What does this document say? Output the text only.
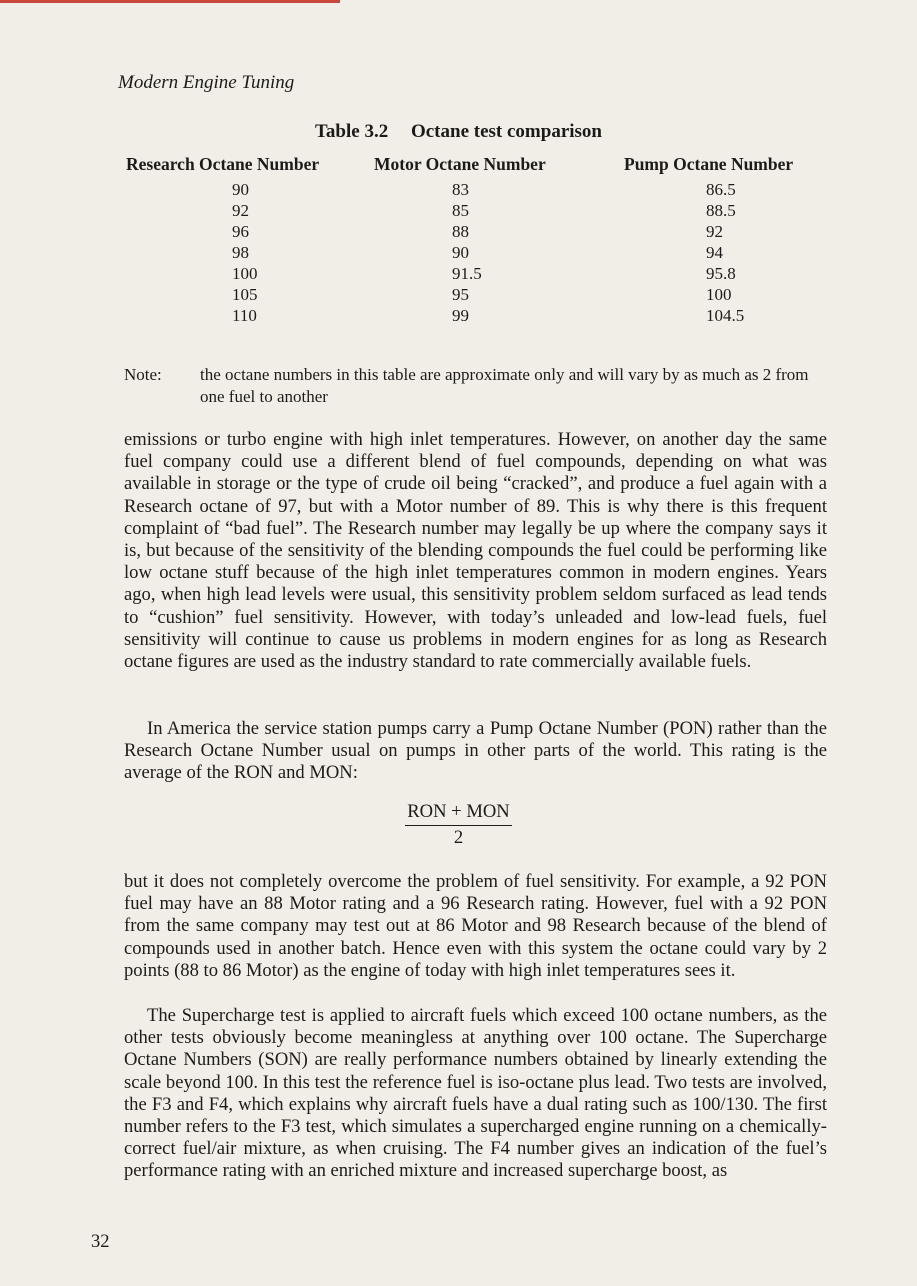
Modern Engine Tuning
Table 3.2 Octane test comparison
Research Octane Number	Motor Octane Number	Pump Octane Number
90	83	86.5
92	85	88.5
96	88	92
98	90	94
100	91.5	95.8
105	95	100
110	99	104.5
Note: the octane numbers in this table are approximate only and will vary by as much as 2 from one fuel to another

emissions or turbo engine with high inlet temperatures. However, on another day the same fuel company could use a different blend of fuel compounds, depending on what was available in storage or the type of crude oil being “cracked”, and produce a fuel again with a Research octane of 97, but with a Motor number of 89. This is why there is this frequent complaint of “bad fuel”. The Research number may legally be up where the company says it is, but because of the sensitivity of the blending compounds the fuel could be performing like low octane stuff because of the high inlet temperatures common in modern engines. Years ago, when high lead levels were usual, this sensitivity problem seldom surfaced as lead tends to “cushion” fuel sensitivity. However, with today’s unleaded and low-lead fuels, fuel sensitivity will continue to cause us problems in modern engines for as long as Research octane figures are used as the industry standard to rate commercially available fuels.

In America the service station pumps carry a Pump Octane Number (PON) rather than the Research Octane Number usual on pumps in other parts of the world. This rating is the average of the RON and MON:

RON + MON
2

but it does not completely overcome the problem of fuel sensitivity. For example, a 92 PON fuel may have an 88 Motor rating and a 96 Research rating. However, fuel with a 92 PON from the same company may test out at 86 Motor and 98 Research because of the blend of compounds used in another batch. Hence even with this system the octane could vary by 2 points (88 to 86 Motor) as the engine of today with high inlet temperatures sees it.

The Supercharge test is applied to aircraft fuels which exceed 100 octane numbers, as the other tests obviously become meaningless at anything over 100 octane. The Supercharge Octane Numbers (SON) are really performance numbers obtained by linearly extending the scale beyond 100. In this test the reference fuel is iso-octane plus lead. Two tests are involved, the F3 and F4, which explains why aircraft fuels have a dual rating such as 100/130. The first number refers to the F3 test, which simulates a supercharged engine running on a chemically-correct fuel/air mixture, as when cruising. The F4 number gives an indication of the fuel’s performance rating with an enriched mixture and increased supercharge boost, as

32
